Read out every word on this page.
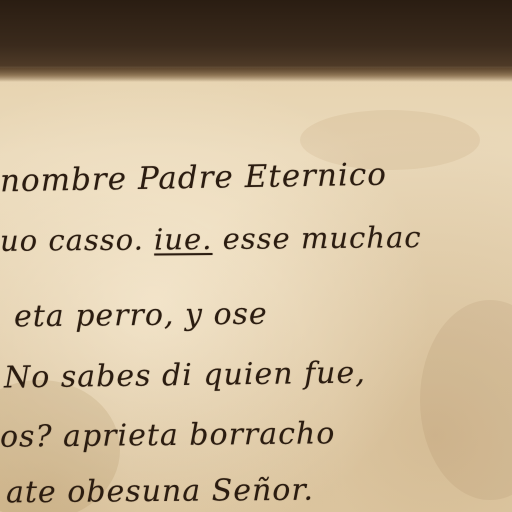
nombre Padre Eternico
uo casso. iue. esse muchac
eta perro, y ose
No sabes di quien fue,
os? aprieta borracho
ate obesuna Señor.
